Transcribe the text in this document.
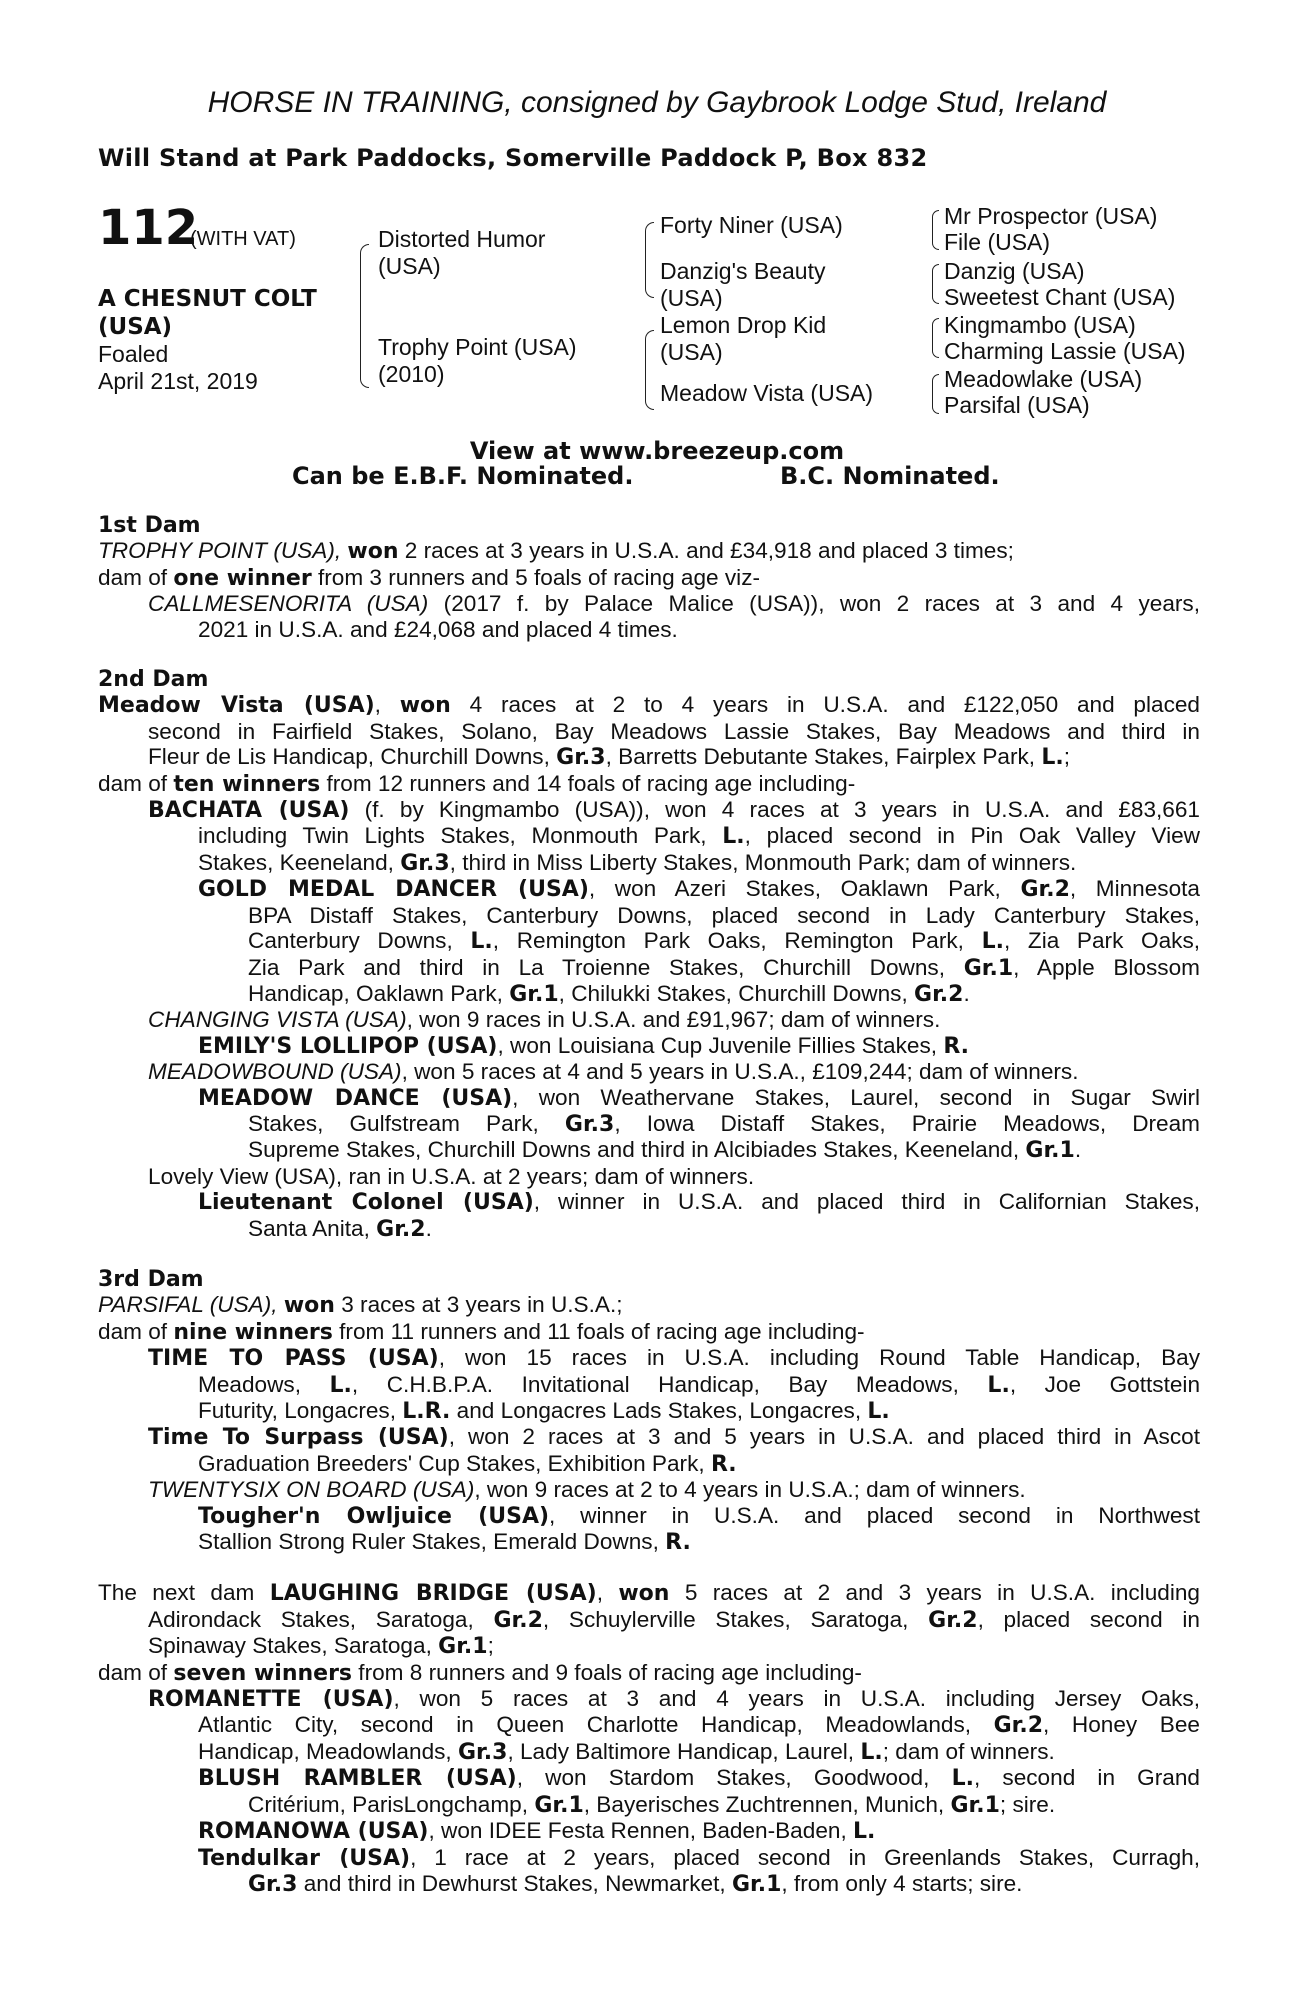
HORSE IN TRAINING, consigned by Gaybrook Lodge Stud, Ireland
Will Stand at Park Paddocks, Somerville Paddock P, Box 832
112
(WITH VAT)
A CHESNUT COLT
(USA)
Foaled
April 21st, 2019
Distorted Humor (USA)
Trophy Point (USA) (2010)
Forty Niner (USA)
Danzig's Beauty (USA)
Lemon Drop Kid (USA)
Meadow Vista (USA)
Mr Prospector (USA)
File (USA)
Danzig (USA)
Sweetest Chant (USA)
Kingmambo (USA)
Charming Lassie (USA)
Meadowlake (USA)
Parsifal (USA)
View at www.breezeup.com
Can be E.B.F. Nominated.	B.C. Nominated.
1st Dam
TROPHY POINT (USA), won 2 races at 3 years in U.S.A. and £34,918 and placed 3 times;
dam of one winner from 3 runners and 5 foals of racing age viz-
CALLMESENORITA (USA) (2017 f. by Palace Malice (USA)), won 2 races at 3 and 4 years,
2021 in U.S.A. and £24,068 and placed 4 times.
2nd Dam
Meadow Vista (USA), won 4 races at 2 to 4 years in U.S.A. and £122,050 and placed
second in Fairfield Stakes, Solano, Bay Meadows Lassie Stakes, Bay Meadows and third in
Fleur de Lis Handicap, Churchill Downs, Gr.3, Barretts Debutante Stakes, Fairplex Park, L.;
dam of ten winners from 12 runners and 14 foals of racing age including-
BACHATA (USA) (f. by Kingmambo (USA)), won 4 races at 3 years in U.S.A. and £83,661
including Twin Lights Stakes, Monmouth Park, L., placed second in Pin Oak Valley View
Stakes, Keeneland, Gr.3, third in Miss Liberty Stakes, Monmouth Park; dam of winners.
GOLD MEDAL DANCER (USA), won Azeri Stakes, Oaklawn Park, Gr.2, Minnesota
BPA Distaff Stakes, Canterbury Downs, placed second in Lady Canterbury Stakes,
Canterbury Downs, L., Remington Park Oaks, Remington Park, L., Zia Park Oaks,
Zia Park and third in La Troienne Stakes, Churchill Downs, Gr.1, Apple Blossom
Handicap, Oaklawn Park, Gr.1, Chilukki Stakes, Churchill Downs, Gr.2.
CHANGING VISTA (USA), won 9 races in U.S.A. and £91,967; dam of winners.
EMILY'S LOLLIPOP (USA), won Louisiana Cup Juvenile Fillies Stakes, R.
MEADOWBOUND (USA), won 5 races at 4 and 5 years in U.S.A., £109,244; dam of winners.
MEADOW DANCE (USA), won Weathervane Stakes, Laurel, second in Sugar Swirl
Stakes, Gulfstream Park, Gr.3, Iowa Distaff Stakes, Prairie Meadows, Dream
Supreme Stakes, Churchill Downs and third in Alcibiades Stakes, Keeneland, Gr.1.
Lovely View (USA), ran in U.S.A. at 2 years; dam of winners.
Lieutenant Colonel (USA), winner in U.S.A. and placed third in Californian Stakes,
Santa Anita, Gr.2.
3rd Dam
PARSIFAL (USA), won 3 races at 3 years in U.S.A.;
dam of nine winners from 11 runners and 11 foals of racing age including-
TIME TO PASS (USA), won 15 races in U.S.A. including Round Table Handicap, Bay
Meadows, L., C.H.B.P.A. Invitational Handicap, Bay Meadows, L., Joe Gottstein
Futurity, Longacres, L.R. and Longacres Lads Stakes, Longacres, L.
Time To Surpass (USA), won 2 races at 3 and 5 years in U.S.A. and placed third in Ascot
Graduation Breeders' Cup Stakes, Exhibition Park, R.
TWENTYSIX ON BOARD (USA), won 9 races at 2 to 4 years in U.S.A.; dam of winners.
Tougher'n Owljuice (USA), winner in U.S.A. and placed second in Northwest
Stallion Strong Ruler Stakes, Emerald Downs, R.
The next dam LAUGHING BRIDGE (USA), won 5 races at 2 and 3 years in U.S.A. including
Adirondack Stakes, Saratoga, Gr.2, Schuylerville Stakes, Saratoga, Gr.2, placed second in
Spinaway Stakes, Saratoga, Gr.1;
dam of seven winners from 8 runners and 9 foals of racing age including-
ROMANETTE (USA), won 5 races at 3 and 4 years in U.S.A. including Jersey Oaks,
Atlantic City, second in Queen Charlotte Handicap, Meadowlands, Gr.2, Honey Bee
Handicap, Meadowlands, Gr.3, Lady Baltimore Handicap, Laurel, L.; dam of winners.
BLUSH RAMBLER (USA), won Stardom Stakes, Goodwood, L., second in Grand
Critérium, ParisLongchamp, Gr.1, Bayerisches Zuchtrennen, Munich, Gr.1; sire.
ROMANOWA (USA), won IDEE Festa Rennen, Baden-Baden, L.
Tendulkar (USA), 1 race at 2 years, placed second in Greenlands Stakes, Curragh,
Gr.3 and third in Dewhurst Stakes, Newmarket, Gr.1, from only 4 starts; sire.
